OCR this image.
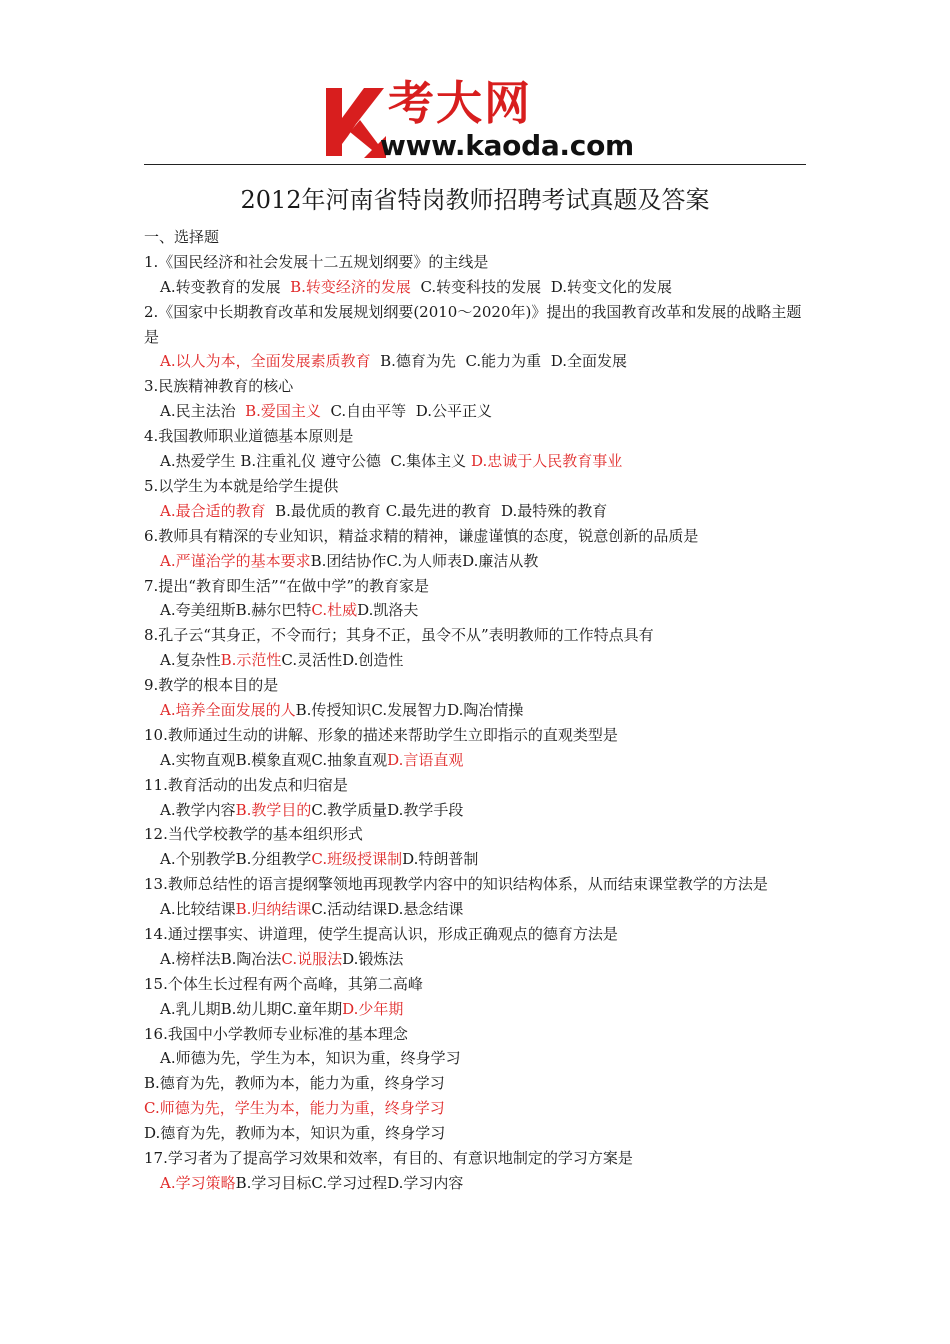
考大网
www.kaoda.com
2012年河南省特岗教师招聘考试真题及答案
一、选择题
1.《国民经济和社会发展十二五规划纲要》的主线是
A.转变教育的发展  B.转变经济的发展  C.转变科技的发展  D.转变文化的发展
2.《国家中长期教育改革和发展规划纲要(2010～2020年)》提出的我国教育改革和发展的战略主题是
A.以人为本，全面发展素质教育  B.德育为先  C.能力为重  D.全面发展
3.民族精神教育的核心
A.民主法治  B.爱国主义  C.自由平等  D.公平正义
4.我国教师职业道德基本原则是
A.热爱学生 B.注重礼仪 遵守公德  C.集体主义 D.忠诚于人民教育事业
5.以学生为本就是给学生提供
A.最合适的教育  B.最优质的教育 C.最先进的教育  D.最特殊的教育
6.教师具有精深的专业知识，精益求精的精神，谦虚谨慎的态度，锐意创新的品质是
A.严谨治学的基本要求B.团结协作C.为人师表D.廉洁从教
7.提出“教育即生活”“在做中学”的教育家是
A.夸美纽斯B.赫尔巴特C.杜威D.凯洛夫
8.孔子云“其身正，不令而行；其身不正，虽令不从”表明教师的工作特点具有
A.复杂性B.示范性C.灵活性D.创造性
9.教学的根本目的是
A.培养全面发展的人B.传授知识C.发展智力D.陶冶情操
10.教师通过生动的讲解、形象的描述来帮助学生立即指示的直观类型是
A.实物直观B.模象直观C.抽象直观D.言语直观
11.教育活动的出发点和归宿是
A.教学内容B.教学目的C.教学质量D.教学手段
12.当代学校教学的基本组织形式
A.个别教学B.分组教学C.班级授课制D.特朗普制
13.教师总结性的语言提纲擎领地再现教学内容中的知识结构体系，从而结束课堂教学的方法是
A.比较结课B.归纳结课C.活动结课D.悬念结课
14.通过摆事实、讲道理，使学生提高认识，形成正确观点的德育方法是
A.榜样法B.陶冶法C.说服法D.锻炼法
15.个体生长过程有两个高峰，其第二高峰
A.乳儿期B.幼儿期C.童年期D.少年期
16.我国中小学教师专业标准的基本理念
A.师德为先，学生为本，知识为重，终身学习
B.德育为先，教师为本，能力为重，终身学习
C.师德为先，学生为本，能力为重，终身学习
D.德育为先，教师为本，知识为重，终身学习
17.学习者为了提高学习效果和效率，有目的、有意识地制定的学习方案是
A.学习策略B.学习目标C.学习过程D.学习内容
